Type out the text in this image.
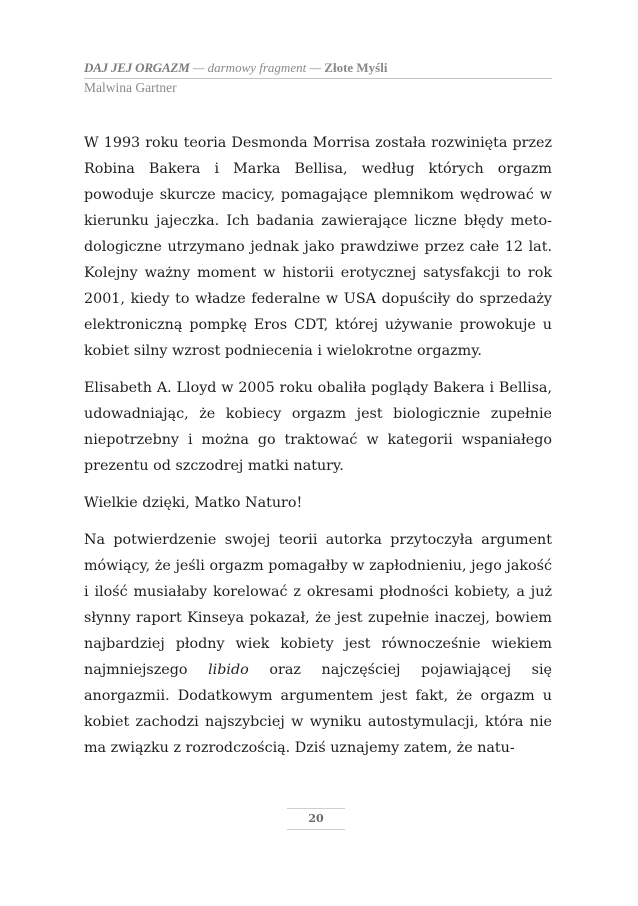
DAJ JEJ ORGAZM — darmowy fragment — Złote Myśli
Malwina Gartner

W 1993 roku teoria Desmonda Morrisa została rozwinięta przez Robina Bakera i Marka Bellisa, według których orgazm powoduje skurcze macicy, pomagające plemnikom wędrować w kierunku jajeczka. Ich badania zawierające liczne błędy metodologiczne utrzymano jednak jako prawdziwe przez całe 12 lat. Kolejny ważny moment w historii erotycznej satysfakcji to rok 2001, kiedy to władze federalne w USA dopuściły do sprzedaży elektroniczną pompkę Eros CDT, której używanie prowokuje u kobiet silny wzrost podniecenia i wielokrotne orgazmy.

Elisabeth A. Lloyd w 2005 roku obaliła poglądy Bakera i Bellisa, udowadniając, że kobiecy orgazm jest biologicznie zupełnie niepotrzebny i można go traktować w kategorii wspaniałego prezentu od szczodrej matki natury.

Wielkie dzięki, Matko Naturo!

Na potwierdzenie swojej teorii autorka przytoczyła argument mówiący, że jeśli orgazm pomagałby w zapłodnieniu, jego jakość i ilość musiałaby korelować z okresami płodności kobiety, a już słynny raport Kinseya pokazał, że jest zupełnie inaczej, bowiem najbardziej płodny wiek kobiety jest równocześnie wiekiem najmniejszego libido oraz najczęściej pojawiającej się anorgazmii. Dodatkowym argumentem jest fakt, że orgazm u kobiet zachodzi najszybciej w wyniku autostymulacji, która nie ma związku z rozrodczością. Dziś uznajemy zatem, że natu-

20
